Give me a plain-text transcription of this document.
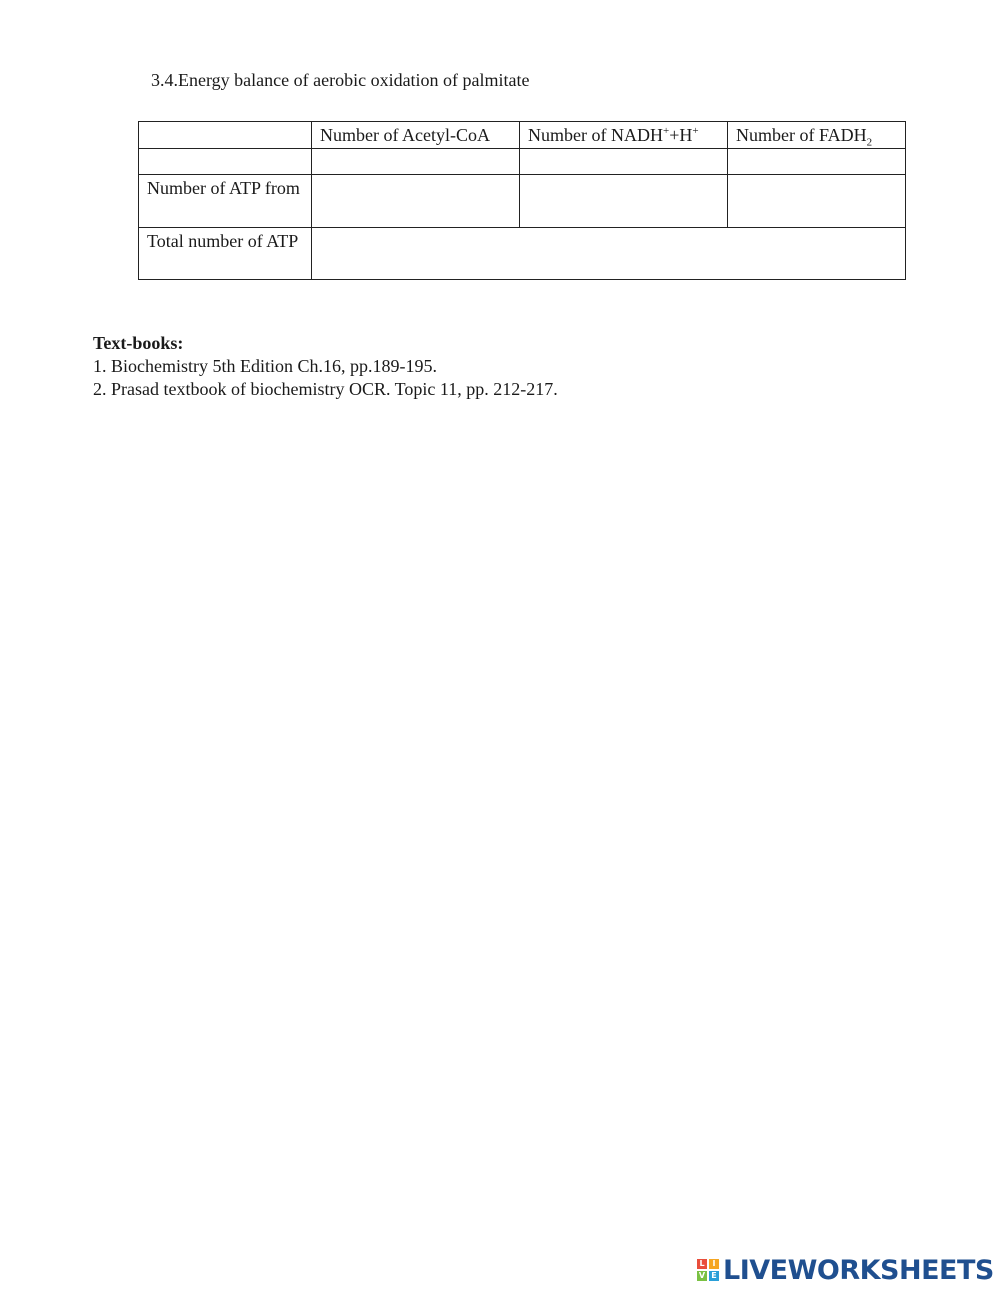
3.4.Energy balance of aerobic oxidation of palmitate
	Number of Acetyl-CoA	Number of NADH++H+	Number of $FADH_2$

Number of ATP from			
Total number of ATP			
Text-books:
1. Biochemistry 5th Edition Ch.16, pp.189-195.
2. Prasad textbook of biochemistry OCR. Topic 11, pp. 212-217.
L I
V E LIVEWORKSHEETS
